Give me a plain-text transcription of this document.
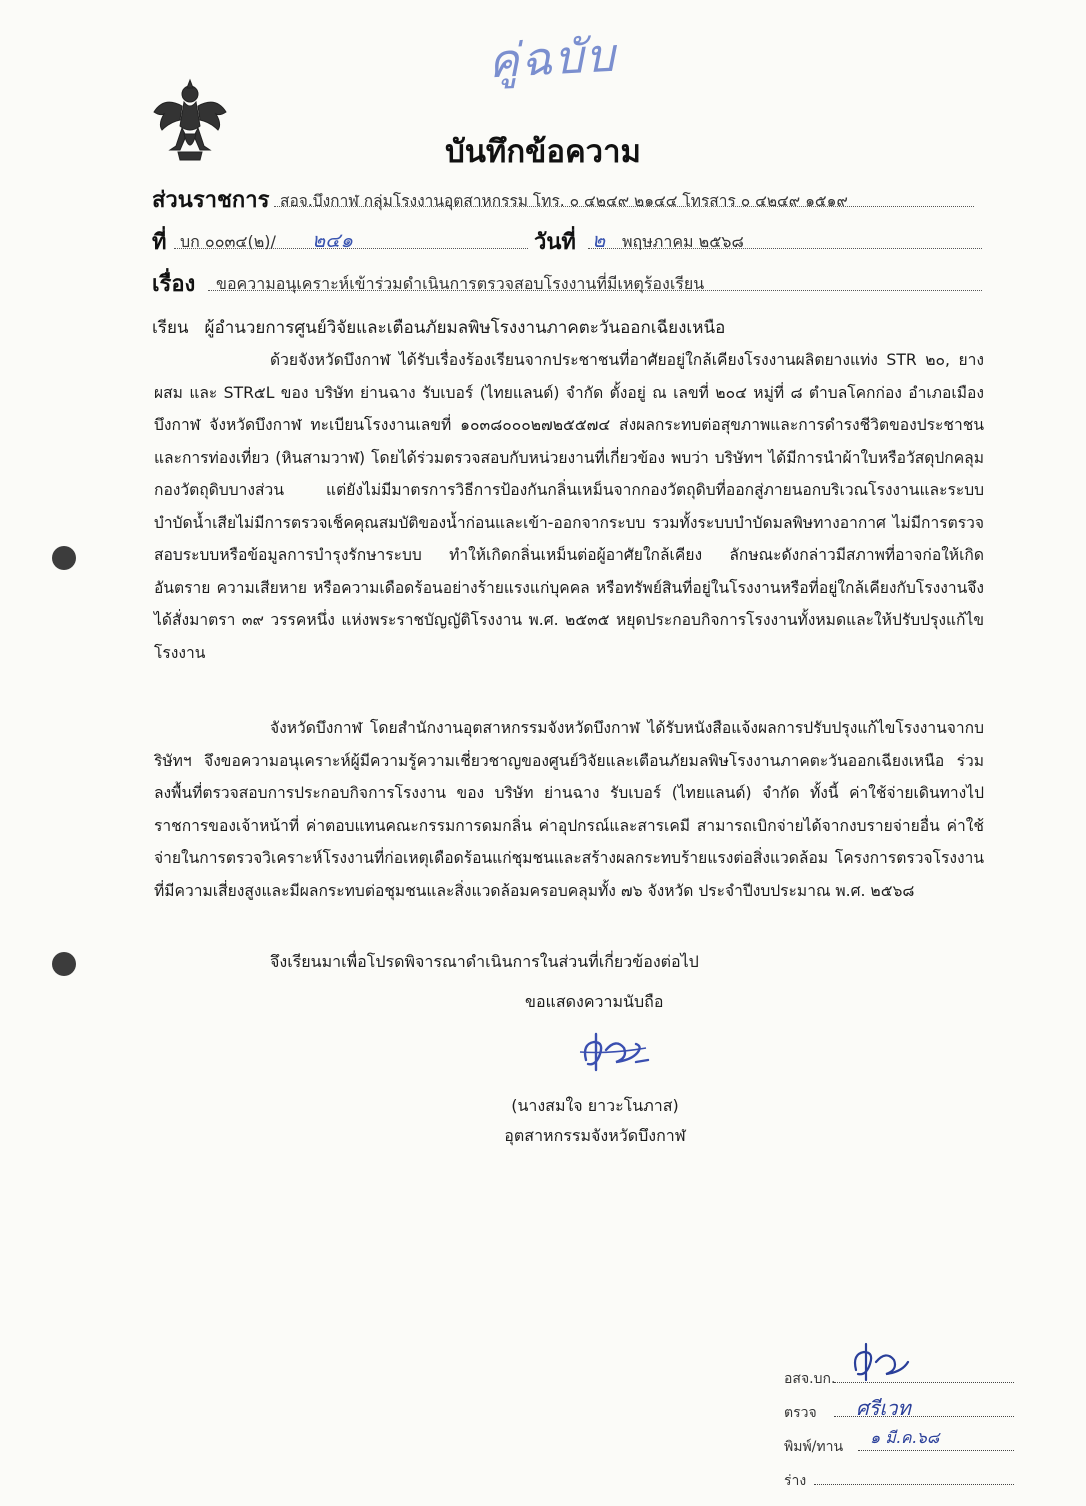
คู่ฉบับ
บันทึกข้อความ
ส่วนราชการ สอจ.บึงกาฬ กลุ่มโรงงานอุตสาหกรรม โทร. ๐ ๔๒๔๙ ๒๑๔๔ โทรสาร ๐ ๔๒๔๙ ๑๕๑๙
ที่ บก ๐๐๓๔(๒)/ ๒๔๑	วันที่ ๒ พฤษภาคม ๒๕๖๘
เรื่อง ขอความอนุเคราะห์เข้าร่วมดำเนินการตรวจสอบโรงงานที่มีเหตุร้องเรียน
เรียน ผู้อำนวยการศูนย์วิจัยและเตือนภัยมลพิษโรงงานภาคตะวันออกเฉียงเหนือ

ด้วยจังหวัดบึงกาฬ ได้รับเรื่องร้องเรียนจากประชาชนที่อาศัยอยู่ใกล้เคียงโรงงานผลิตยางแท่ง STR ๒๐, ยางผสม และ STR๕L ของ บริษัท ย่านฉาง รับเบอร์ (ไทยแลนด์) จำกัด ตั้งอยู่ ณ เลขที่ ๒๐๔ หมู่ที่ ๘ ตำบลโคกก่อง อำเภอเมืองบึงกาฬ จังหวัดบึงกาฬ ทะเบียนโรงงานเลขที่ ๑๐๓๘๐๐๐๒๗๒๕๕๗๔ ส่งผลกระทบต่อสุขภาพและการดำรงชีวิตของประชาชน และการท่องเที่ยว (หินสามวาฬ) โดยได้ร่วมตรวจสอบกับหน่วยงานที่เกี่ยวข้อง พบว่า บริษัทฯ ได้มีการนำผ้าใบหรือวัสดุปกคลุมกองวัตถุดิบบางส่วน แต่ยังไม่มีมาตรการวิธีการป้องกันกลิ่นเหม็นจากกองวัตถุดิบที่ออกสู่ภายนอกบริเวณโรงงานและระบบบำบัดน้ำเสียไม่มีการตรวจเช็คคุณสมบัติของน้ำก่อนและเข้า-ออกจากระบบ รวมทั้งระบบบำบัดมลพิษทางอากาศ ไม่มีการตรวจสอบระบบหรือข้อมูลการบำรุงรักษาระบบ ทำให้เกิดกลิ่นเหม็นต่อผู้อาศัยใกล้เคียง ลักษณะดังกล่าวมีสภาพที่อาจก่อให้เกิดอันตราย ความเสียหาย หรือความเดือดร้อนอย่างร้ายแรงแก่บุคคล หรือทรัพย์สินที่อยู่ในโรงงานหรือที่อยู่ใกล้เคียงกับโรงงานจึงได้สั่งมาตรา ๓๙ วรรคหนึ่ง แห่งพระราชบัญญัติโรงงาน พ.ศ. ๒๕๓๕ หยุดประกอบกิจการโรงงานทั้งหมดและให้ปรับปรุงแก้ไขโรงงาน

จังหวัดบึงกาฬ โดยสำนักงานอุตสาหกรรมจังหวัดบึงกาฬ ได้รับหนังสือแจ้งผลการปรับปรุงแก้ไขโรงงานจากบริษัทฯ จึงขอความอนุเคราะห์ผู้มีความรู้ความเชี่ยวชาญของศูนย์วิจัยและเตือนภัยมลพิษโรงงานภาคตะวันออกเฉียงเหนือ ร่วมลงพื้นที่ตรวจสอบการประกอบกิจการโรงงาน ของ บริษัท ย่านฉาง รับเบอร์ (ไทยแลนด์) จำกัด ทั้งนี้ ค่าใช้จ่ายเดินทางไปราชการของเจ้าหน้าที่ ค่าตอบแทนคณะกรรมการดมกลิ่น ค่าอุปกรณ์และสารเคมี สามารถเบิกจ่ายได้จากงบรายจ่ายอื่น ค่าใช้จ่ายในการตรวจวิเคราะห์โรงงานที่ก่อเหตุเดือดร้อนแก่ชุมชนและสร้างผลกระทบร้ายแรงต่อสิ่งแวดล้อม โครงการตรวจโรงงานที่มีความเสี่ยงสูงและมีผลกระทบต่อชุมชนและสิ่งแวดล้อมครอบคลุมทั้ง ๗๖ จังหวัด ประจำปีงบประมาณ พ.ศ. ๒๕๖๘

จึงเรียนมาเพื่อโปรดพิจารณาดำเนินการในส่วนที่เกี่ยวข้องต่อไป
ขอแสดงความนับถือ
(นางสมใจ ยาวะโนภาส)
อุตสาหกรรมจังหวัดบึงกาฬ
อสจ.บก.
ตรวจ ศรีเวท
พิมพ์/ทาน ๑ มี.ค.๖๘
ร่าง
